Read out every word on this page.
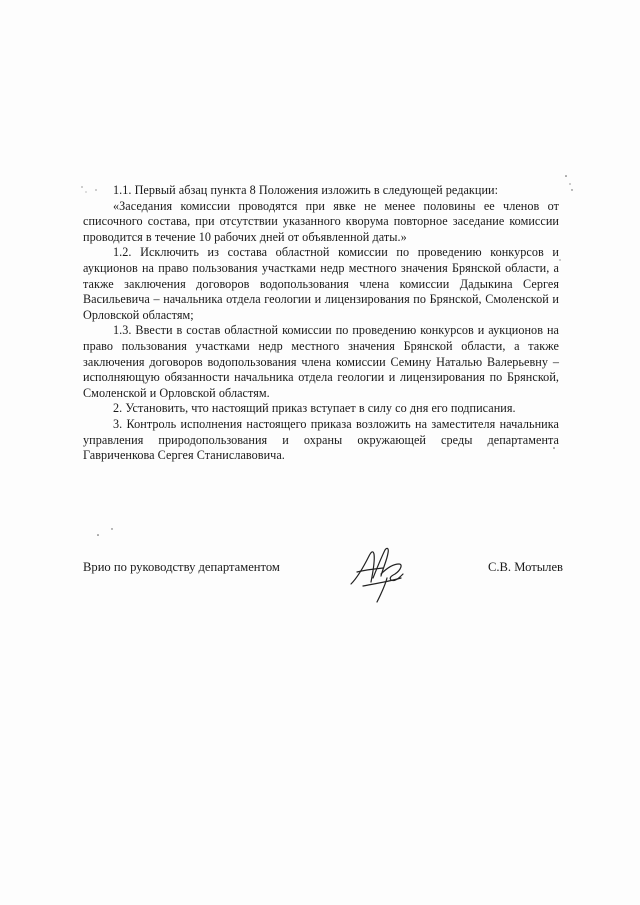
1.1. Первый абзац пункта 8 Положения изложить в следующей редакции:

«Заседания комиссии проводятся при явке не менее половины ее членов от списочного состава, при отсутствии указанного кворума повторное заседание комиссии проводится в течение 10 рабочих дней от объявленной даты.»

1.2. Исключить из состава областной комиссии по проведению конкурсов и аукционов на право пользования участками недр местного значения Брянской области, а также заключения договоров водопользования члена комиссии Дадыкина Сергея Васильевича – начальника отдела геологии и лицензирования по Брянской, Смоленской и Орловской областям;

1.3. Ввести в состав областной комиссии по проведению конкурсов и аукционов на право пользования участками недр местного значения Брянской области, а также заключения договоров водопользования члена комиссии Семину Наталью Валерьевну – исполняющую обязанности начальника отдела геологии и лицензирования по Брянской, Смоленской и Орловской областям.

2. Установить, что настоящий приказ вступает в силу со дня его подписания.

3. Контроль исполнения настоящего приказа возложить на заместителя начальника управления природопользования и охраны окружающей среды департамента Гавриченкова Сергея Станиславовича.

Врио по руководству департаментом	С.В. Мотылев
